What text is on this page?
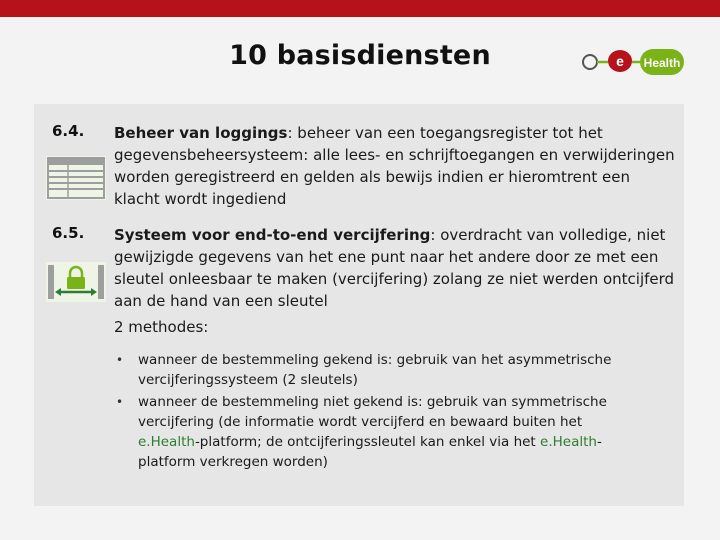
10 basisdiensten	e Health
6.4. Beheer van loggings: beheer van een toegangsregister tot het gegevensbeheersysteem: alle lees- en schrijftoegangen en verwijderingen worden geregistreerd en gelden als bewijs indien er hieromtrent een klacht wordt ingediend
6.5. Systeem voor end-to-end vercijfering: overdracht van volledige, niet gewijzigde gegevens van het ene punt naar het andere door ze met een sleutel onleesbaar te maken (vercijfering) zolang ze niet werden ontcijferd aan de hand van een sleutel
2 methodes:
• wanneer de bestemmeling gekend is: gebruik van het asymmetrische vercijferingssysteem (2 sleutels)
• wanneer de bestemmeling niet gekend is: gebruik van symmetrische vercijfering (de informatie wordt vercijferd en bewaard buiten het e.Health-platform; de ontcijferingssleutel kan enkel via het e.Health-platform verkregen worden)
